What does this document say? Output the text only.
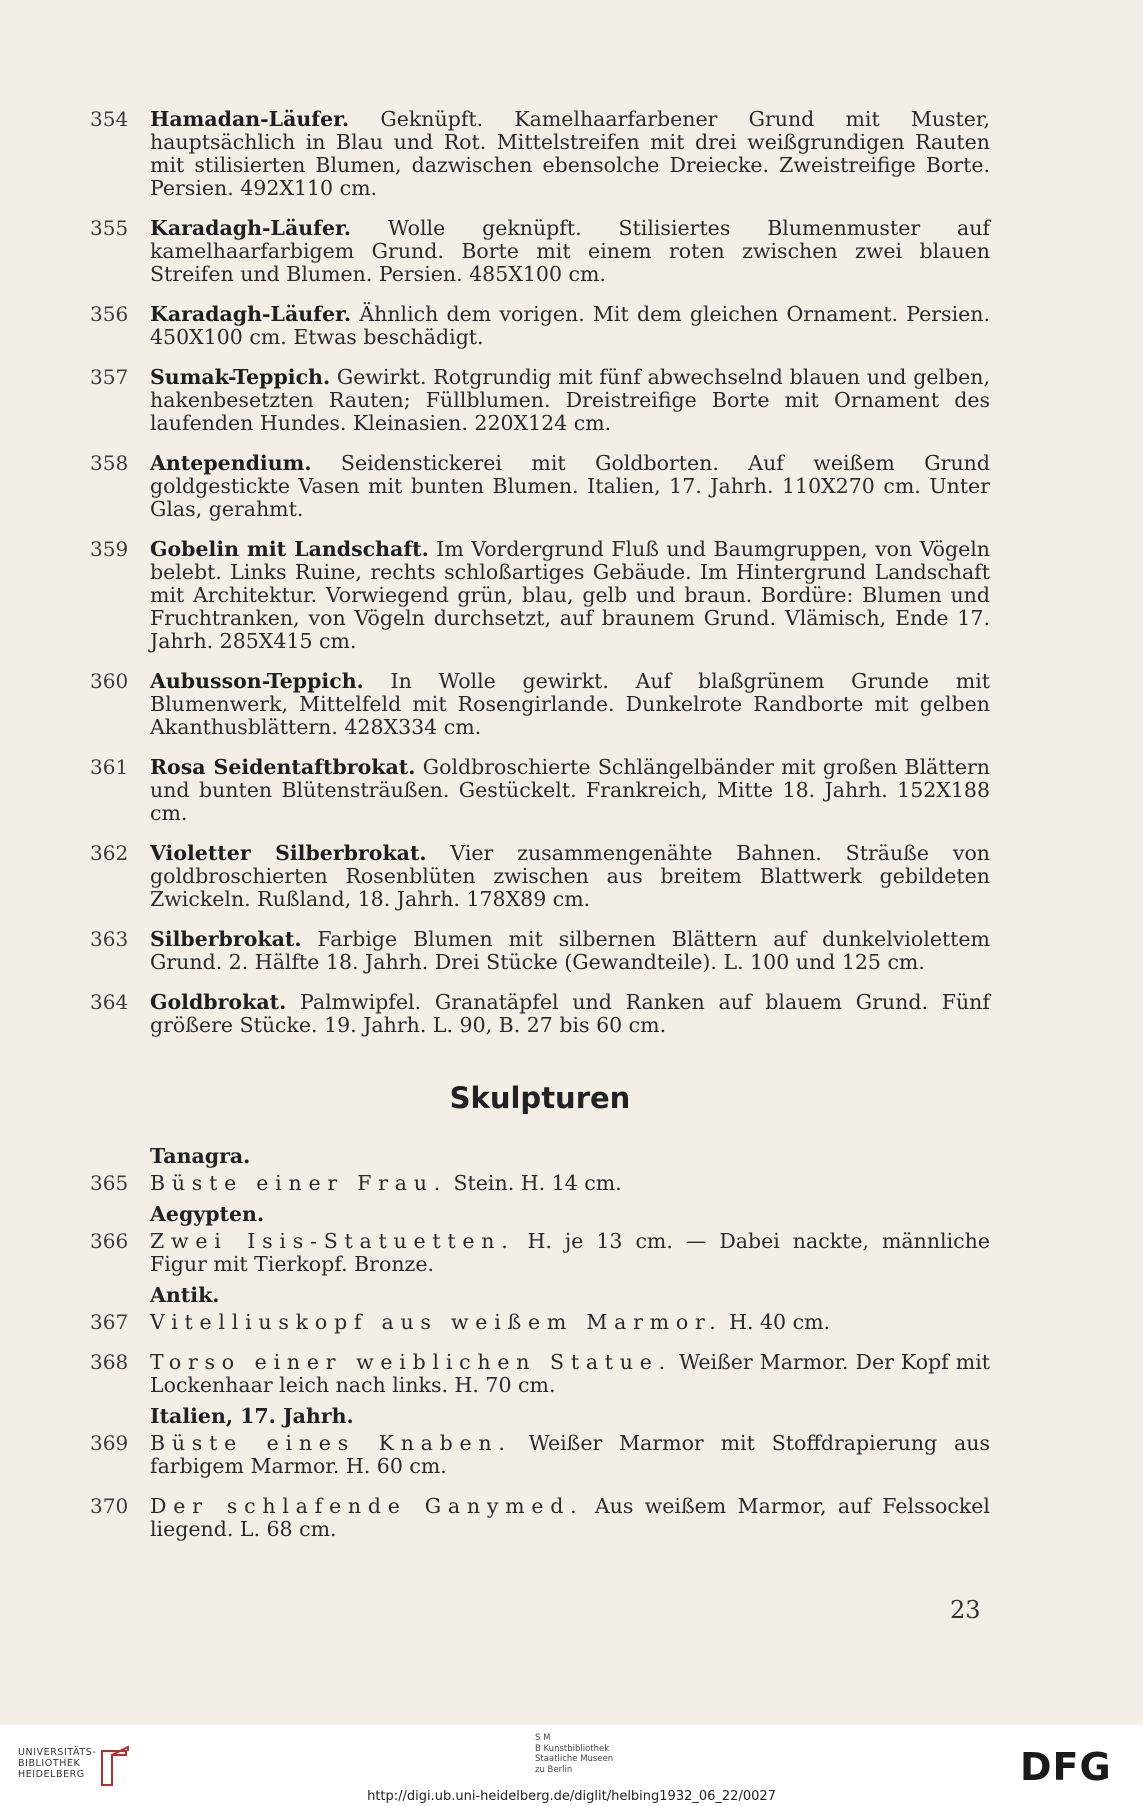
354	Hamadan-Läufer. Geknüpft. Kamelhaarfarbener Grund mit Muster, hauptsächlich in Blau und Rot. Mittelstreifen mit drei weißgrundigen Rauten mit stilisierten Blumen, dazwischen ebensolche Dreiecke. Zweistreifige Borte. Persien. 492X110 cm.
355	Karadagh-Läufer. Wolle geknüpft. Stilisiertes Blumenmuster auf kamelhaarfarbigem Grund. Borte mit einem roten zwischen zwei blauen Streifen und Blumen. Persien. 485X100 cm.
356	Karadagh-Läufer. Ähnlich dem vorigen. Mit dem gleichen Ornament. Persien. 450X100 cm. Etwas beschädigt.
357	Sumak-Teppich. Gewirkt. Rotgrundig mit fünf abwechselnd blauen und gelben, hakenbesetzten Rauten; Füllblumen. Dreistreifige Borte mit Ornament des laufenden Hundes. Kleinasien. 220X124 cm.
358	Antependium. Seidenstickerei mit Goldborten. Auf weißem Grund goldgestickte Vasen mit bunten Blumen. Italien, 17. Jahrh. 110X270 cm. Unter Glas, gerahmt.
359	Gobelin mit Landschaft. Im Vordergrund Fluß und Baumgruppen, von Vögeln belebt. Links Ruine, rechts schloßartiges Gebäude. Im Hintergrund Landschaft mit Architektur. Vorwiegend grün, blau, gelb und braun. Bordüre: Blumen und Fruchtranken, von Vögeln durchsetzt, auf braunem Grund. Vlämisch, Ende 17. Jahrh. 285X415 cm.
360	Aubusson-Teppich. In Wolle gewirkt. Auf blaßgrünem Grunde mit Blumenwerk, Mittelfeld mit Rosengirlande. Dunkelrote Randborte mit gelben Akanthusblättern. 428X334 cm.
361	Rosa Seidentaftbrokat. Goldbroschierte Schlängelbänder mit großen Blättern und bunten Blütensträußen. Gestückelt. Frankreich, Mitte 18. Jahrh. 152X188 cm.
362	Violetter Silberbrokat. Vier zusammengenähte Bahnen. Sträuße von goldbroschierten Rosenblüten zwischen aus breitem Blattwerk gebildeten Zwickeln. Rußland, 18. Jahrh. 178X89 cm.
363	Silberbrokat. Farbige Blumen mit silbernen Blättern auf dunkelviolettem Grund. 2. Hälfte 18. Jahrh. Drei Stücke (Gewandteile). L. 100 und 125 cm.
364	Goldbrokat. Palmwipfel. Granatäpfel und Ranken auf blauem Grund. Fünf größere Stücke. 19. Jahrh. L. 90, B. 27 bis 60 cm.
Skulpturen
Tanagra.
365	Büste einer Frau. Stein. H. 14 cm.
Aegypten.
366	Zwei Isis-Statuetten. H. je 13 cm. — Dabei nackte, männliche Figur mit Tierkopf. Bronze.
Antik.
367	Vitelliuskopf aus weißem Marmor. H. 40 cm.
368	Torso einer weiblichen Statue. Weißer Marmor. Der Kopf mit Lockenhaar leich nach links. H. 70 cm.
Italien, 17. Jahrh.
369	Büste eines Knaben. Weißer Marmor mit Stoffdrapierung aus farbigem Marmor. H. 60 cm.
370	Der schlafende Ganymed. Aus weißem Marmor, auf Felssockel liegend. L. 68 cm.
23
UNIVERSITÄTS-
BIBLIOTHEK
HEIDELBERG
S M
B Kunstbibliothek
Staatliche Museen
zu Berlin	DFG
http://digi.ub.uni-heidelberg.de/diglit/helbing1932_06_22/0027
